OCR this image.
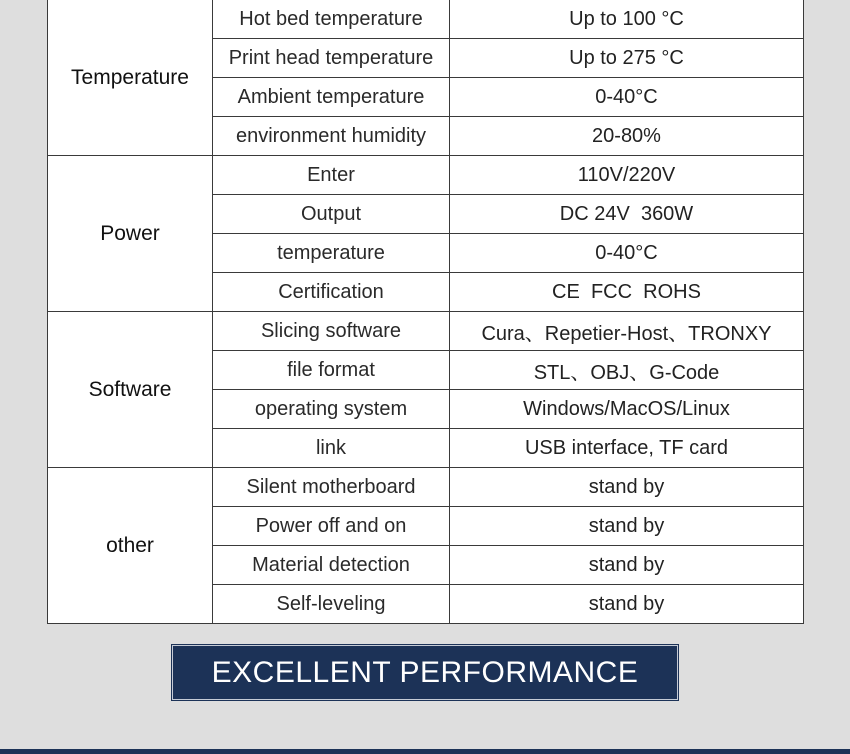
Temperature	Hot bed temperature	Up to 100 °C
	Print head temperature	Up to 275 °C
	Ambient temperature	0-40°C
	environment humidity	20-80%
Power	Enter	110V/220V
	Output	DC 24V  360W
	temperature	0-40°C
	Certification	CE  FCC  ROHS
Software	Slicing software	Cura、Repetier-Host、TRONXY
	file format	STL、OBJ、G-Code
	operating system	Windows/MacOS/Linux
	link	USB interface, TF card
other	Silent motherboard	stand by
	Power off and on	stand by
	Material detection	stand by
	Self-leveling	stand by
EXCELLENT PERFORMANCE
